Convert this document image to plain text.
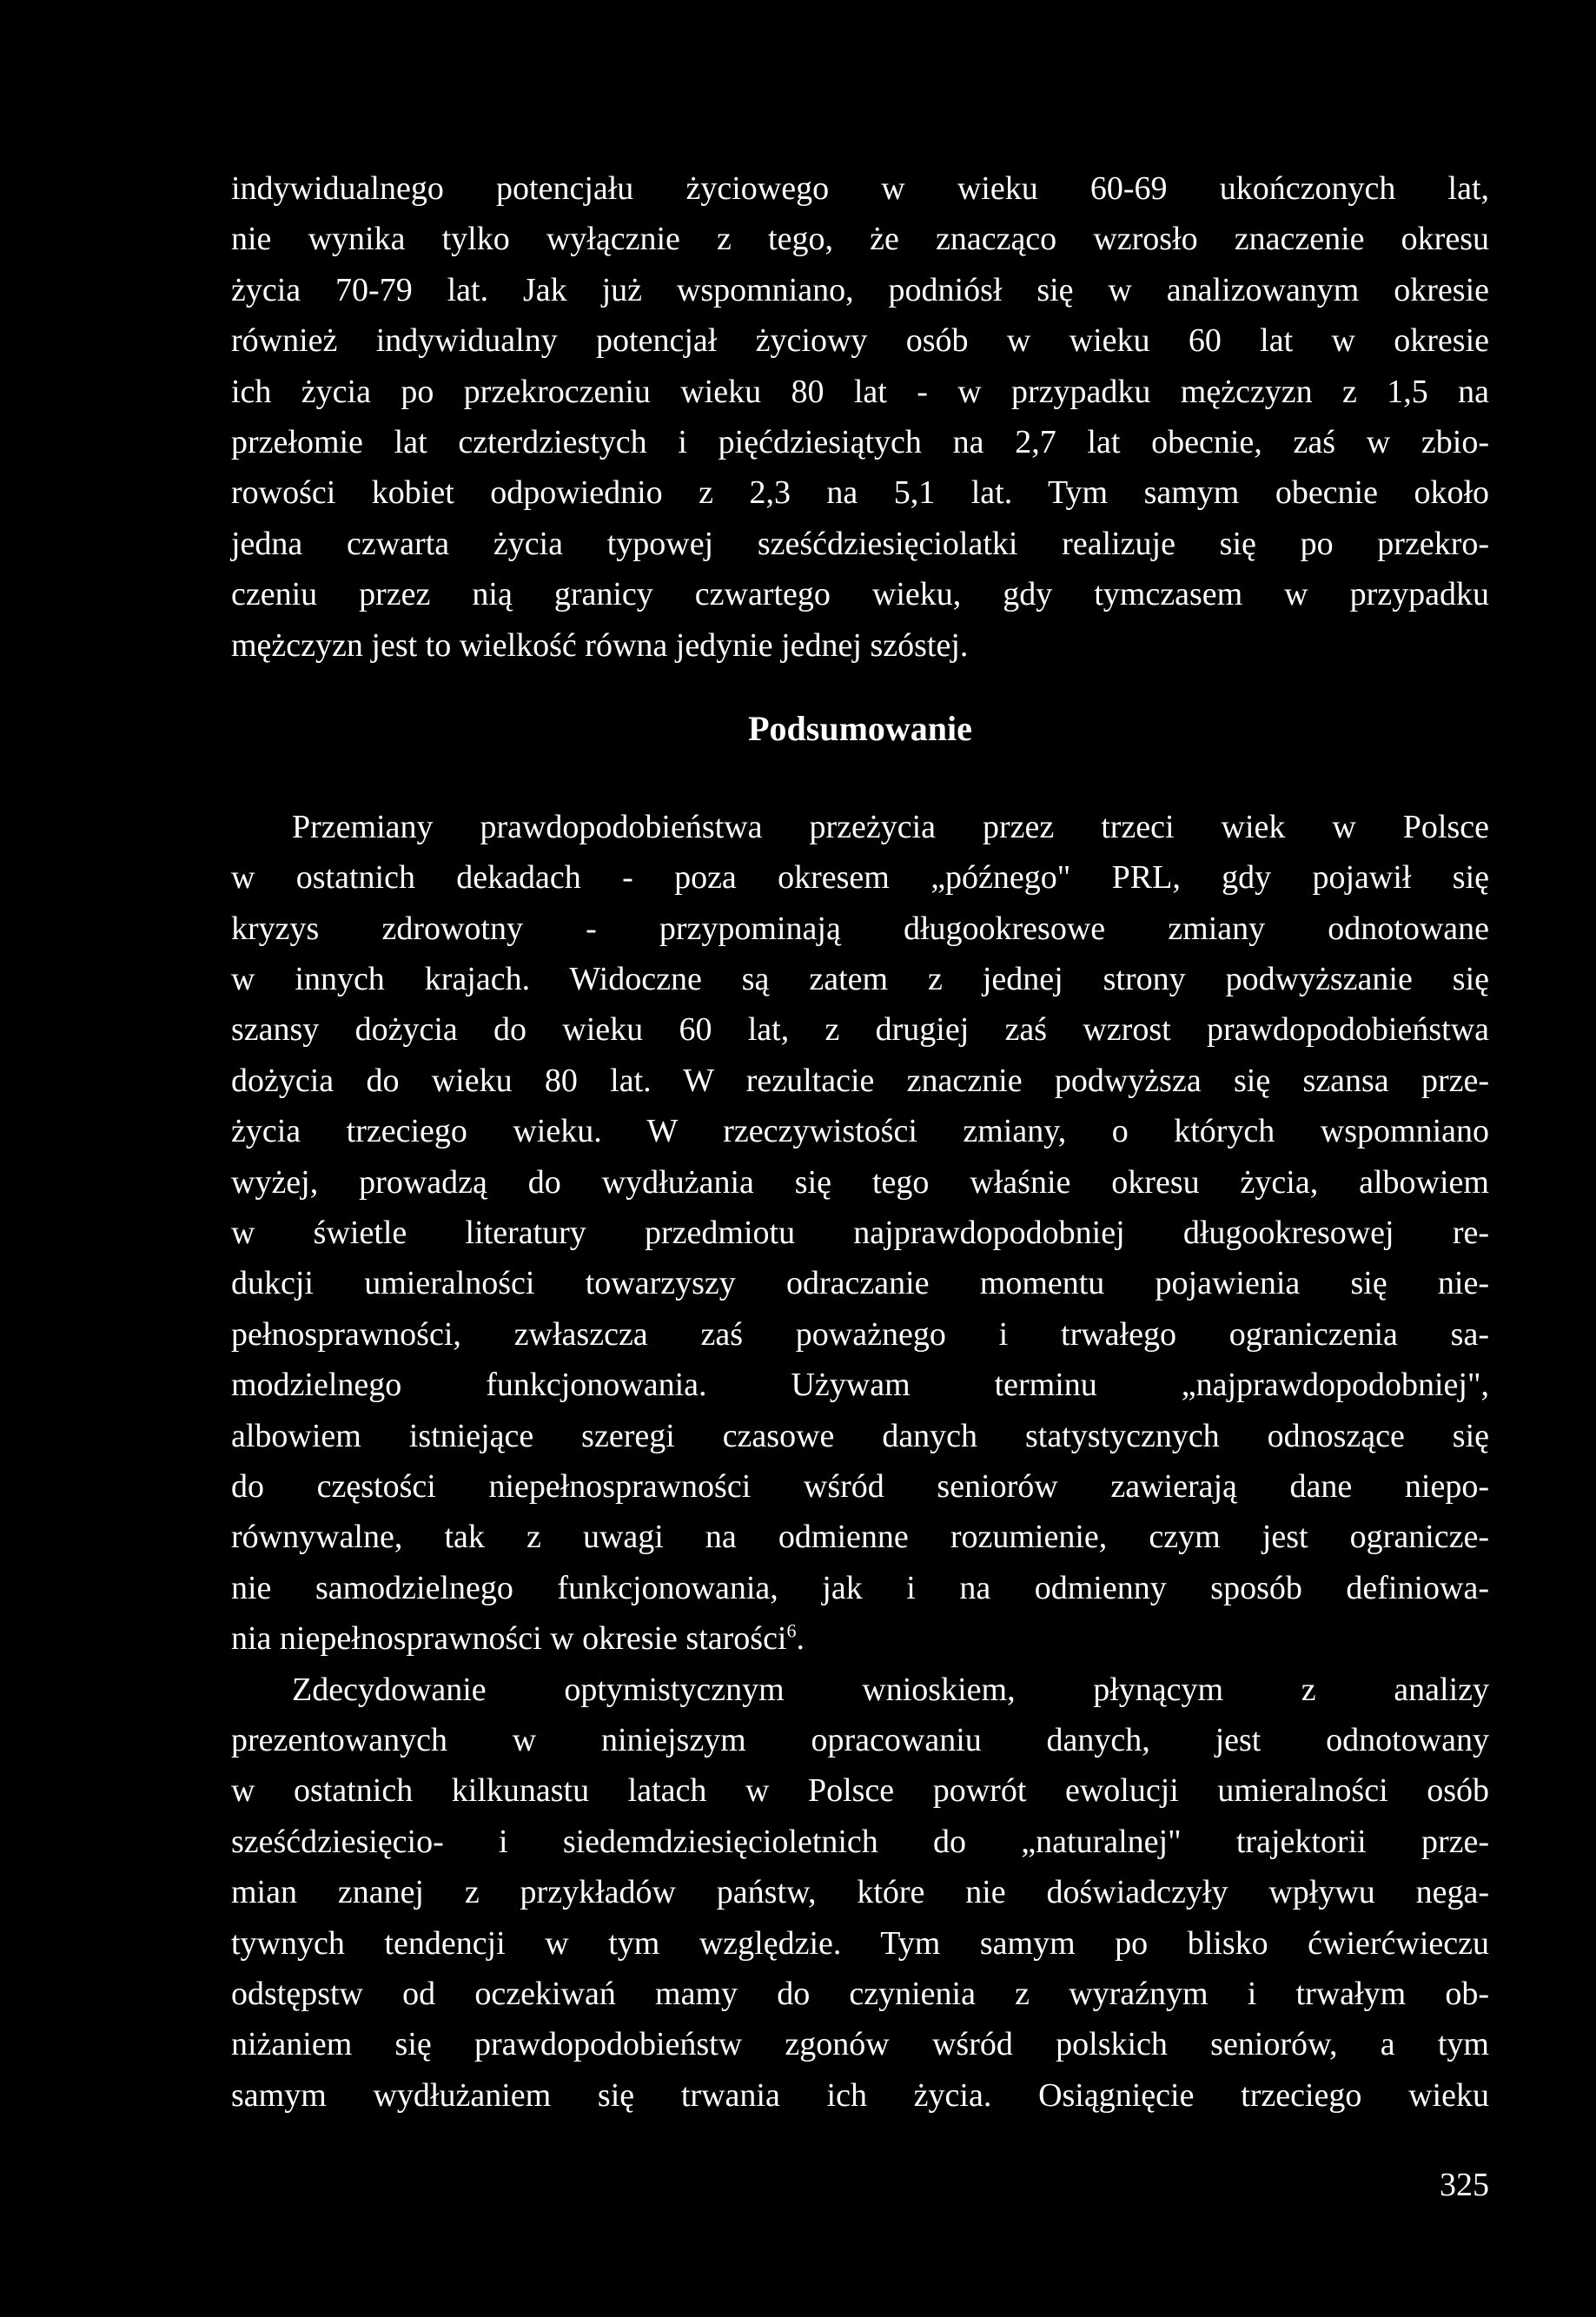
indywidualnego potencjału życiowego w wieku 60-69 ukończonych lat,
nie wynika tylko wyłącznie z tego, że znacząco wzrosło znaczenie okresu
życia 70-79 lat. Jak już wspomniano, podniósł się w analizowanym okresie
również indywidualny potencjał życiowy osób w wieku 60 lat w okresie
ich życia po przekroczeniu wieku 80 lat - w przypadku mężczyzn z 1,5 na
przełomie lat czterdziestych i pięćdziesiątych na 2,7 lat obecnie, zaś w zbio-
rowości kobiet odpowiednio z 2,3 na 5,1 lat. Tym samym obecnie około
jedna czwarta życia typowej sześćdziesięciolatki realizuje się po przekro-
czeniu przez nią granicy czwartego wieku, gdy tymczasem w przypadku
mężczyzn jest to wielkość równa jedynie jednej szóstej.
Podsumowanie
Przemiany prawdopodobieństwa przeżycia przez trzeci wiek w Polsce
w ostatnich dekadach - poza okresem „późnego" PRL, gdy pojawił się
kryzys zdrowotny - przypominają długookresowe zmiany odnotowane
w innych krajach. Widoczne są zatem z jednej strony podwyższanie się
szansy dożycia do wieku 60 lat, z drugiej zaś wzrost prawdopodobieństwa
dożycia do wieku 80 lat. W rezultacie znacznie podwyższa się szansa prze-
życia trzeciego wieku. W rzeczywistości zmiany, o których wspomniano
wyżej, prowadzą do wydłużania się tego właśnie okresu życia, albowiem
w świetle literatury przedmiotu najprawdopodobniej długookresowej re-
dukcji umieralności towarzyszy odraczanie momentu pojawienia się nie-
pełnosprawności, zwłaszcza zaś poważnego i trwałego ograniczenia sa-
modzielnego funkcjonowania. Używam terminu „najprawdopodobniej",
albowiem istniejące szeregi czasowe danych statystycznych odnoszące się
do częstości niepełnosprawności wśród seniorów zawierają dane niepo-
równywalne, tak z uwagi na odmienne rozumienie, czym jest ogranicze-
nie samodzielnego funkcjonowania, jak i na odmienny sposób definiowa-
nia niepełnosprawności w okresie starości$^6$.
Zdecydowanie optymistycznym wnioskiem, płynącym z analizy
prezentowanych w niniejszym opracowaniu danych, jest odnotowany
w ostatnich kilkunastu latach w Polsce powrót ewolucji umieralności osób
sześćdziesięcio- i siedemdziesięcioletnich do „naturalnej" trajektorii prze-
mian znanej z przykładów państw, które nie doświadczyły wpływu nega-
tywnych tendencji w tym względzie. Tym samym po blisko ćwierćwieczu
odstępstw od oczekiwań mamy do czynienia z wyraźnym i trwałym ob-
niżaniem się prawdopodobieństw zgonów wśród polskich seniorów, a tym
samym wydłużaniem się trwania ich życia. Osiągnięcie trzeciego wieku
325
